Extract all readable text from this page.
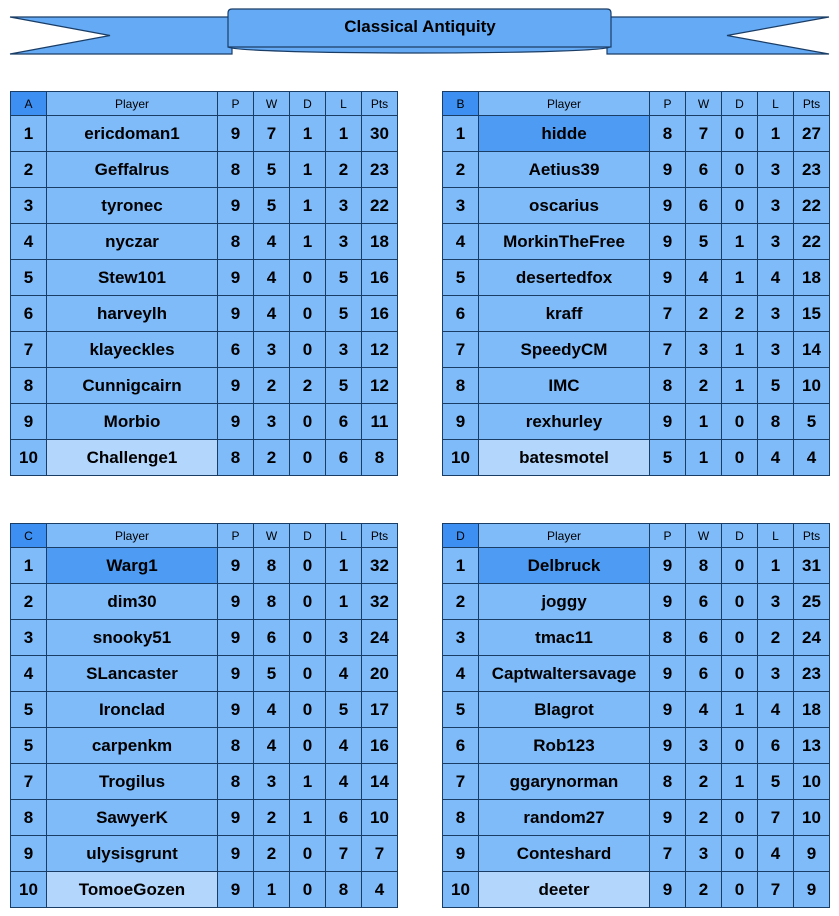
Classical Antiquity
A	Player	P	W	D	L	Pts
1	ericdoman1	9	7	1	1	30
2	Geffalrus	8	5	1	2	23
3	tyronec	9	5	1	3	22
4	nyczar	8	4	1	3	18
5	Stew101	9	4	0	5	16
6	harveylh	9	4	0	5	16
7	klayeckles	6	3	0	3	12
8	Cunnigcairn	9	2	2	5	12
9	Morbio	9	3	0	6	11
10	Challenge1	8	2	0	6	8
B	Player	P	W	D	L	Pts
1	hidde	8	7	0	1	27
2	Aetius39	9	6	0	3	23
3	oscarius	9	6	0	3	22
4	MorkinTheFree	9	5	1	3	22
5	desertedfox	9	4	1	4	18
6	kraff	7	2	2	3	15
7	SpeedyCM	7	3	1	3	14
8	IMC	8	2	1	5	10
9	rexhurley	9	1	0	8	5
10	batesmotel	5	1	0	4	4
C	Player	P	W	D	L	Pts
1	Warg1	9	8	0	1	32
2	dim30	9	8	0	1	32
3	snooky51	9	6	0	3	24
4	SLancaster	9	5	0	4	20
5	Ironclad	9	4	0	5	17
5	carpenkm	8	4	0	4	16
7	Trogilus	8	3	1	4	14
8	SawyerK	9	2	1	6	10
9	ulysisgrunt	9	2	0	7	7
10	TomoeGozen	9	1	0	8	4
D	Player	P	W	D	L	Pts
1	Delbruck	9	8	0	1	31
2	joggy	9	6	0	3	25
3	tmac11	8	6	0	2	24
4	Captwaltersavage	9	6	0	3	23
5	Blagrot	9	4	1	4	18
6	Rob123	9	3	0	6	13
7	ggarynorman	8	2	1	5	10
8	random27	9	2	0	7	10
9	Conteshard	7	3	0	4	9
10	deeter	9	2	0	7	9
